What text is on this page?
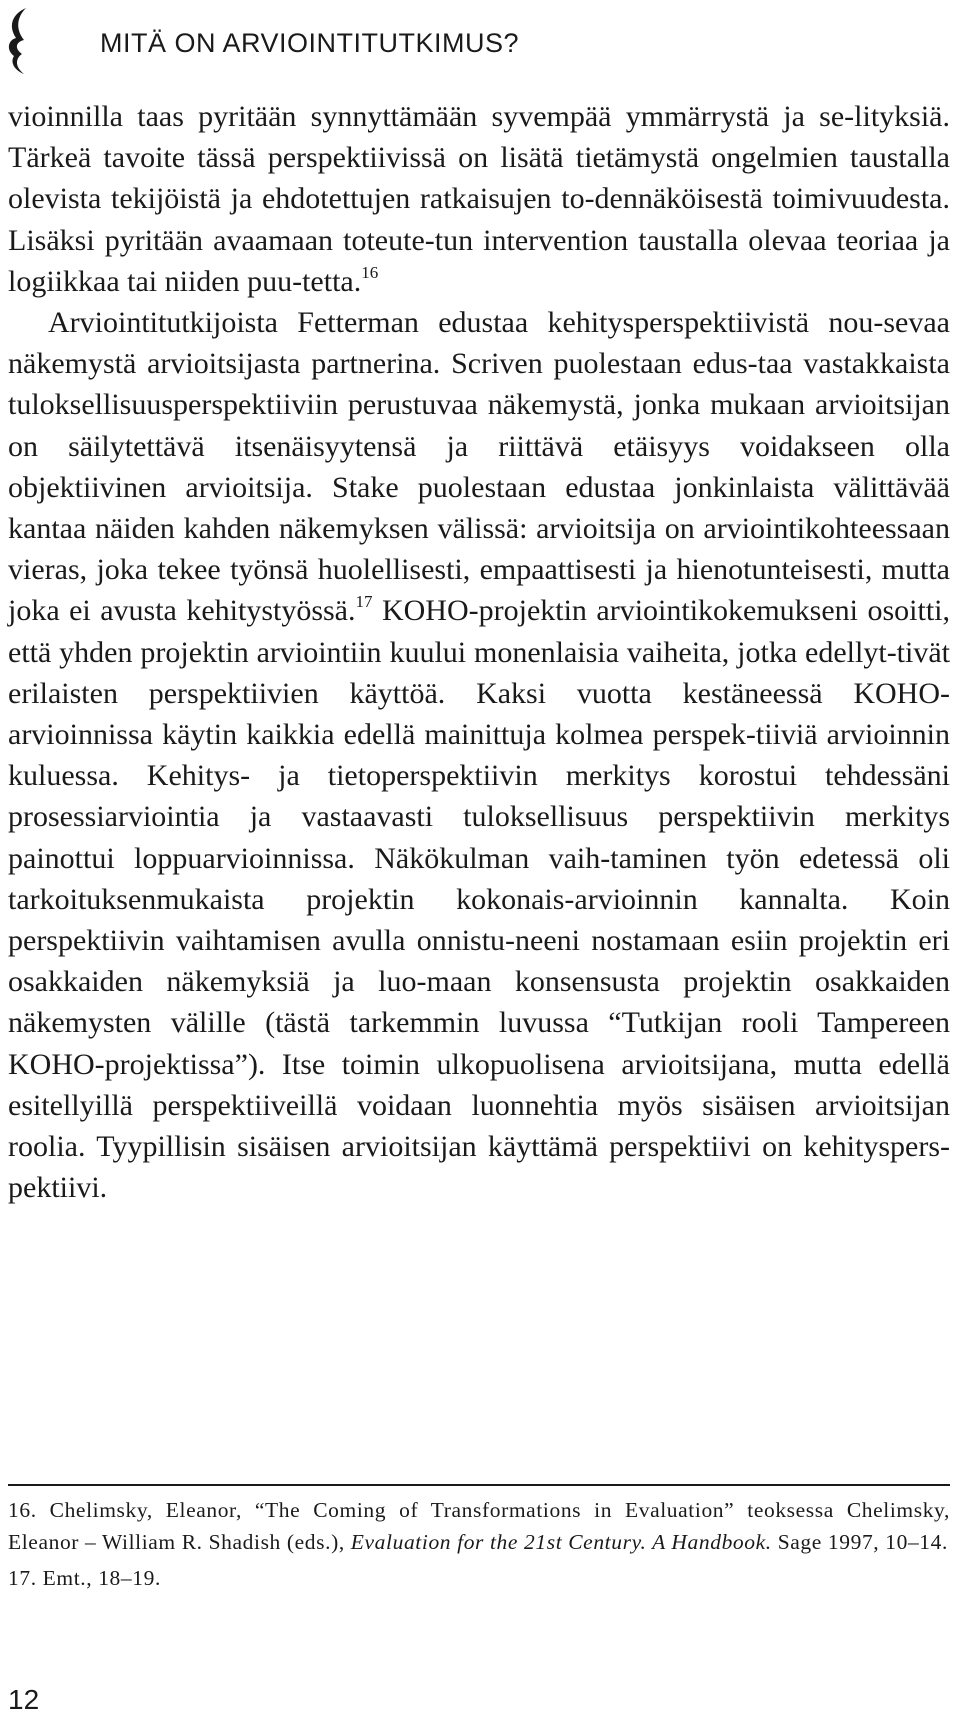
MITÄ ON ARVIOINTITUTKIMUS?

vioinnilla taas pyritään synnyttämään syvempää ymmärrystä ja se-lityksiä. Tärkeä tavoite tässä perspektiivissä on lisätä tietämystä ongelmien taustalla olevista tekijöistä ja ehdotettujen ratkaisujen to-dennäköisestä toimivuudesta. Lisäksi pyritään avaamaan toteute-tun intervention taustalla olevaa teoriaa ja logiikkaa tai niiden puu-tetta.$^{16}$

Arviointitutkijoista Fetterman edustaa kehitysperspektiivistä nou-sevaa näkemystä arvioitsijasta partnerina. Scriven puolestaan edus-taa vastakkaista tuloksellisuusperspektiiviin perustuvaa näkemystä, jonka mukaan arvioitsijan on säilytettävä itsenäisyytensä ja riittävä etäisyys voidakseen olla objektiivinen arvioitsija. Stake puolestaan edustaa jonkinlaista välittävää kantaa näiden kahden näkemyksen välissä: arvioitsija on arviointikohteessaan vieras, joka tekee työnsä huolellisesti, empaattisesti ja hienotunteisesti, mutta joka ei avusta kehitystyössä.$^{17}$ KOHO-projektin arviointikokemukseni osoitti, että yhden projektin arviointiin kuului monenlaisia vaiheita, jotka edellyt-tivät erilaisten perspektiivien käyttöä. Kaksi vuotta kestäneessä KOHO-arvioinnissa käytin kaikkia edellä mainittuja kolmea perspek-tiiviä arvioinnin kuluessa. Kehitys- ja tietoperspektiivin merkitys korostui tehdessäni prosessiarviointia ja vastaavasti tuloksellisuus perspektiivin merkitys painottui loppuarvioinnissa. Näkökulman vaih-taminen työn edetessä oli tarkoituksenmukaista projektin kokonais-arvioinnin kannalta. Koin perspektiivin vaihtamisen avulla onnistu-neeni nostamaan esiin projektin eri osakkaiden näkemyksiä ja luo-maan konsensusta projektin osakkaiden näkemysten välille (tästä tarkemmin luvussa “Tutkijan rooli Tampereen KOHO-projektissa”). Itse toimin ulkopuolisena arvioitsijana, mutta edellä esitellyillä perspektiiveillä voidaan luonnehtia myös sisäisen arvioitsijan roolia. Tyypillisin sisäisen arvioitsijan käyttämä perspektiivi on kehityspers-pektiivi.

16. Chelimsky, Eleanor, “The Coming of Transformations in Evaluation” teoksessa Chelimsky, Eleanor – William R. Shadish (eds.), Evaluation for the 21st Century. A Handbook. Sage 1997, 10–14.

17. Emt., 18–19.

12
